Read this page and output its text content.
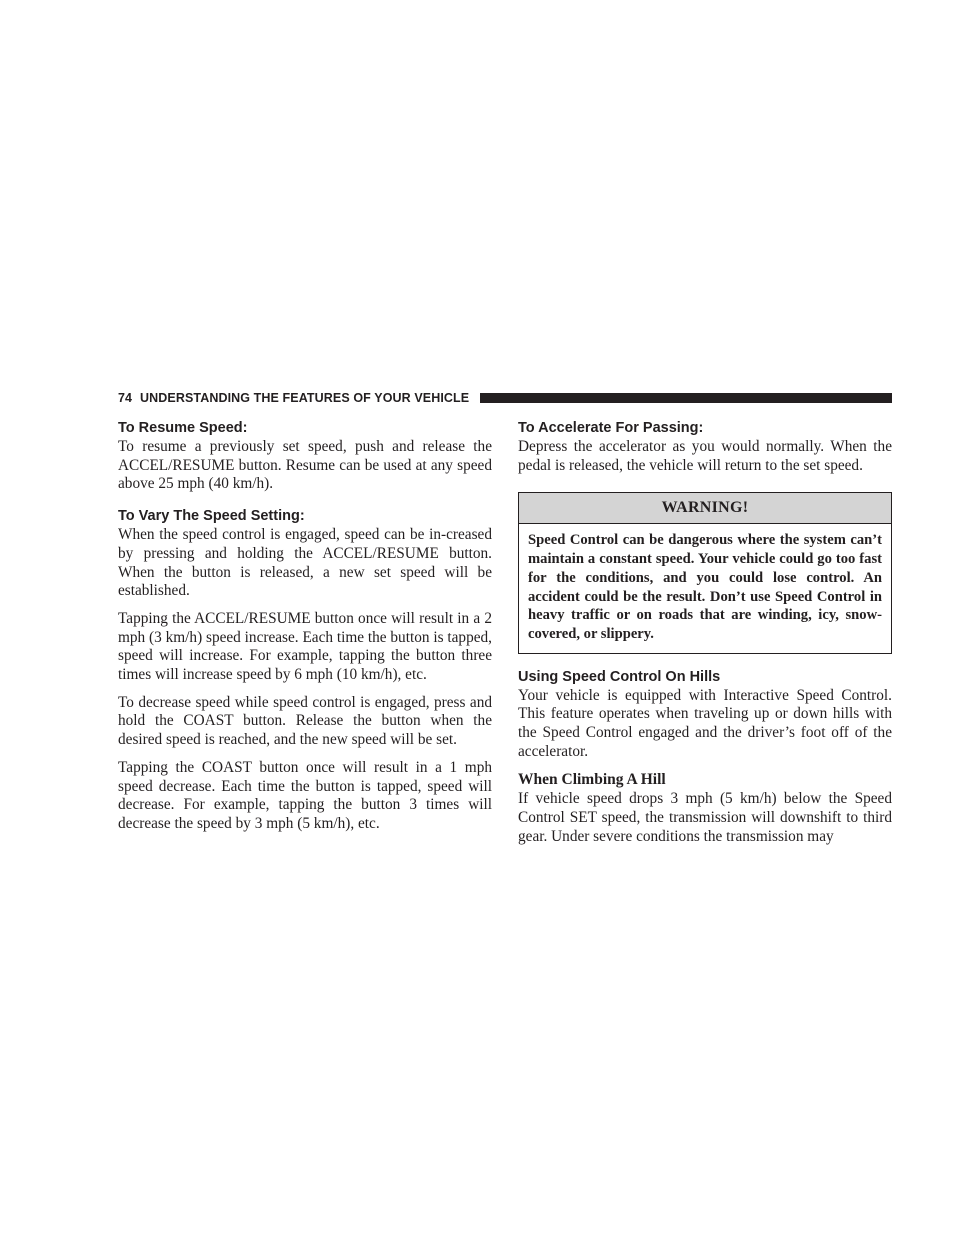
74 UNDERSTANDING THE FEATURES OF YOUR VEHICLE
To Resume Speed:

To resume a previously set speed, push and release the ACCEL/RESUME button. Resume can be used at any speed above 25 mph (40 km/h).

To Vary The Speed Setting:

When the speed control is engaged, speed can be in-creased by pressing and holding the ACCEL/RESUME button. When the button is released, a new set speed will be established.

Tapping the ACCEL/RESUME button once will result in a 2 mph (3 km/h) speed increase. Each time the button is tapped, speed will increase. For example, tapping the button three times will increase speed by 6 mph (10 km/h), etc.

To decrease speed while speed control is engaged, press and hold the COAST button. Release the button when the desired speed is reached, and the new speed will be set.

Tapping the COAST button once will result in a 1 mph speed decrease. Each time the button is tapped, speed will decrease. For example, tapping the button 3 times will decrease the speed by 3 mph (5 km/h), etc.

To Accelerate For Passing:

Depress the accelerator as you would normally. When the pedal is released, the vehicle will return to the set speed.

WARNING!
Speed Control can be dangerous where the system can’t maintain a constant speed. Your vehicle could go too fast for the conditions, and you could lose control. An accident could be the result. Don’t use Speed Control in heavy traffic or on roads that are winding, icy, snow-covered, or slippery.
Using Speed Control On Hills

Your vehicle is equipped with Interactive Speed Control. This feature operates when traveling up or down hills with the Speed Control engaged and the driver’s foot off of the accelerator.

When Climbing A Hill

If vehicle speed drops 3 mph (5 km/h) below the Speed Control SET speed, the transmission will downshift to third gear. Under severe conditions the transmission may
